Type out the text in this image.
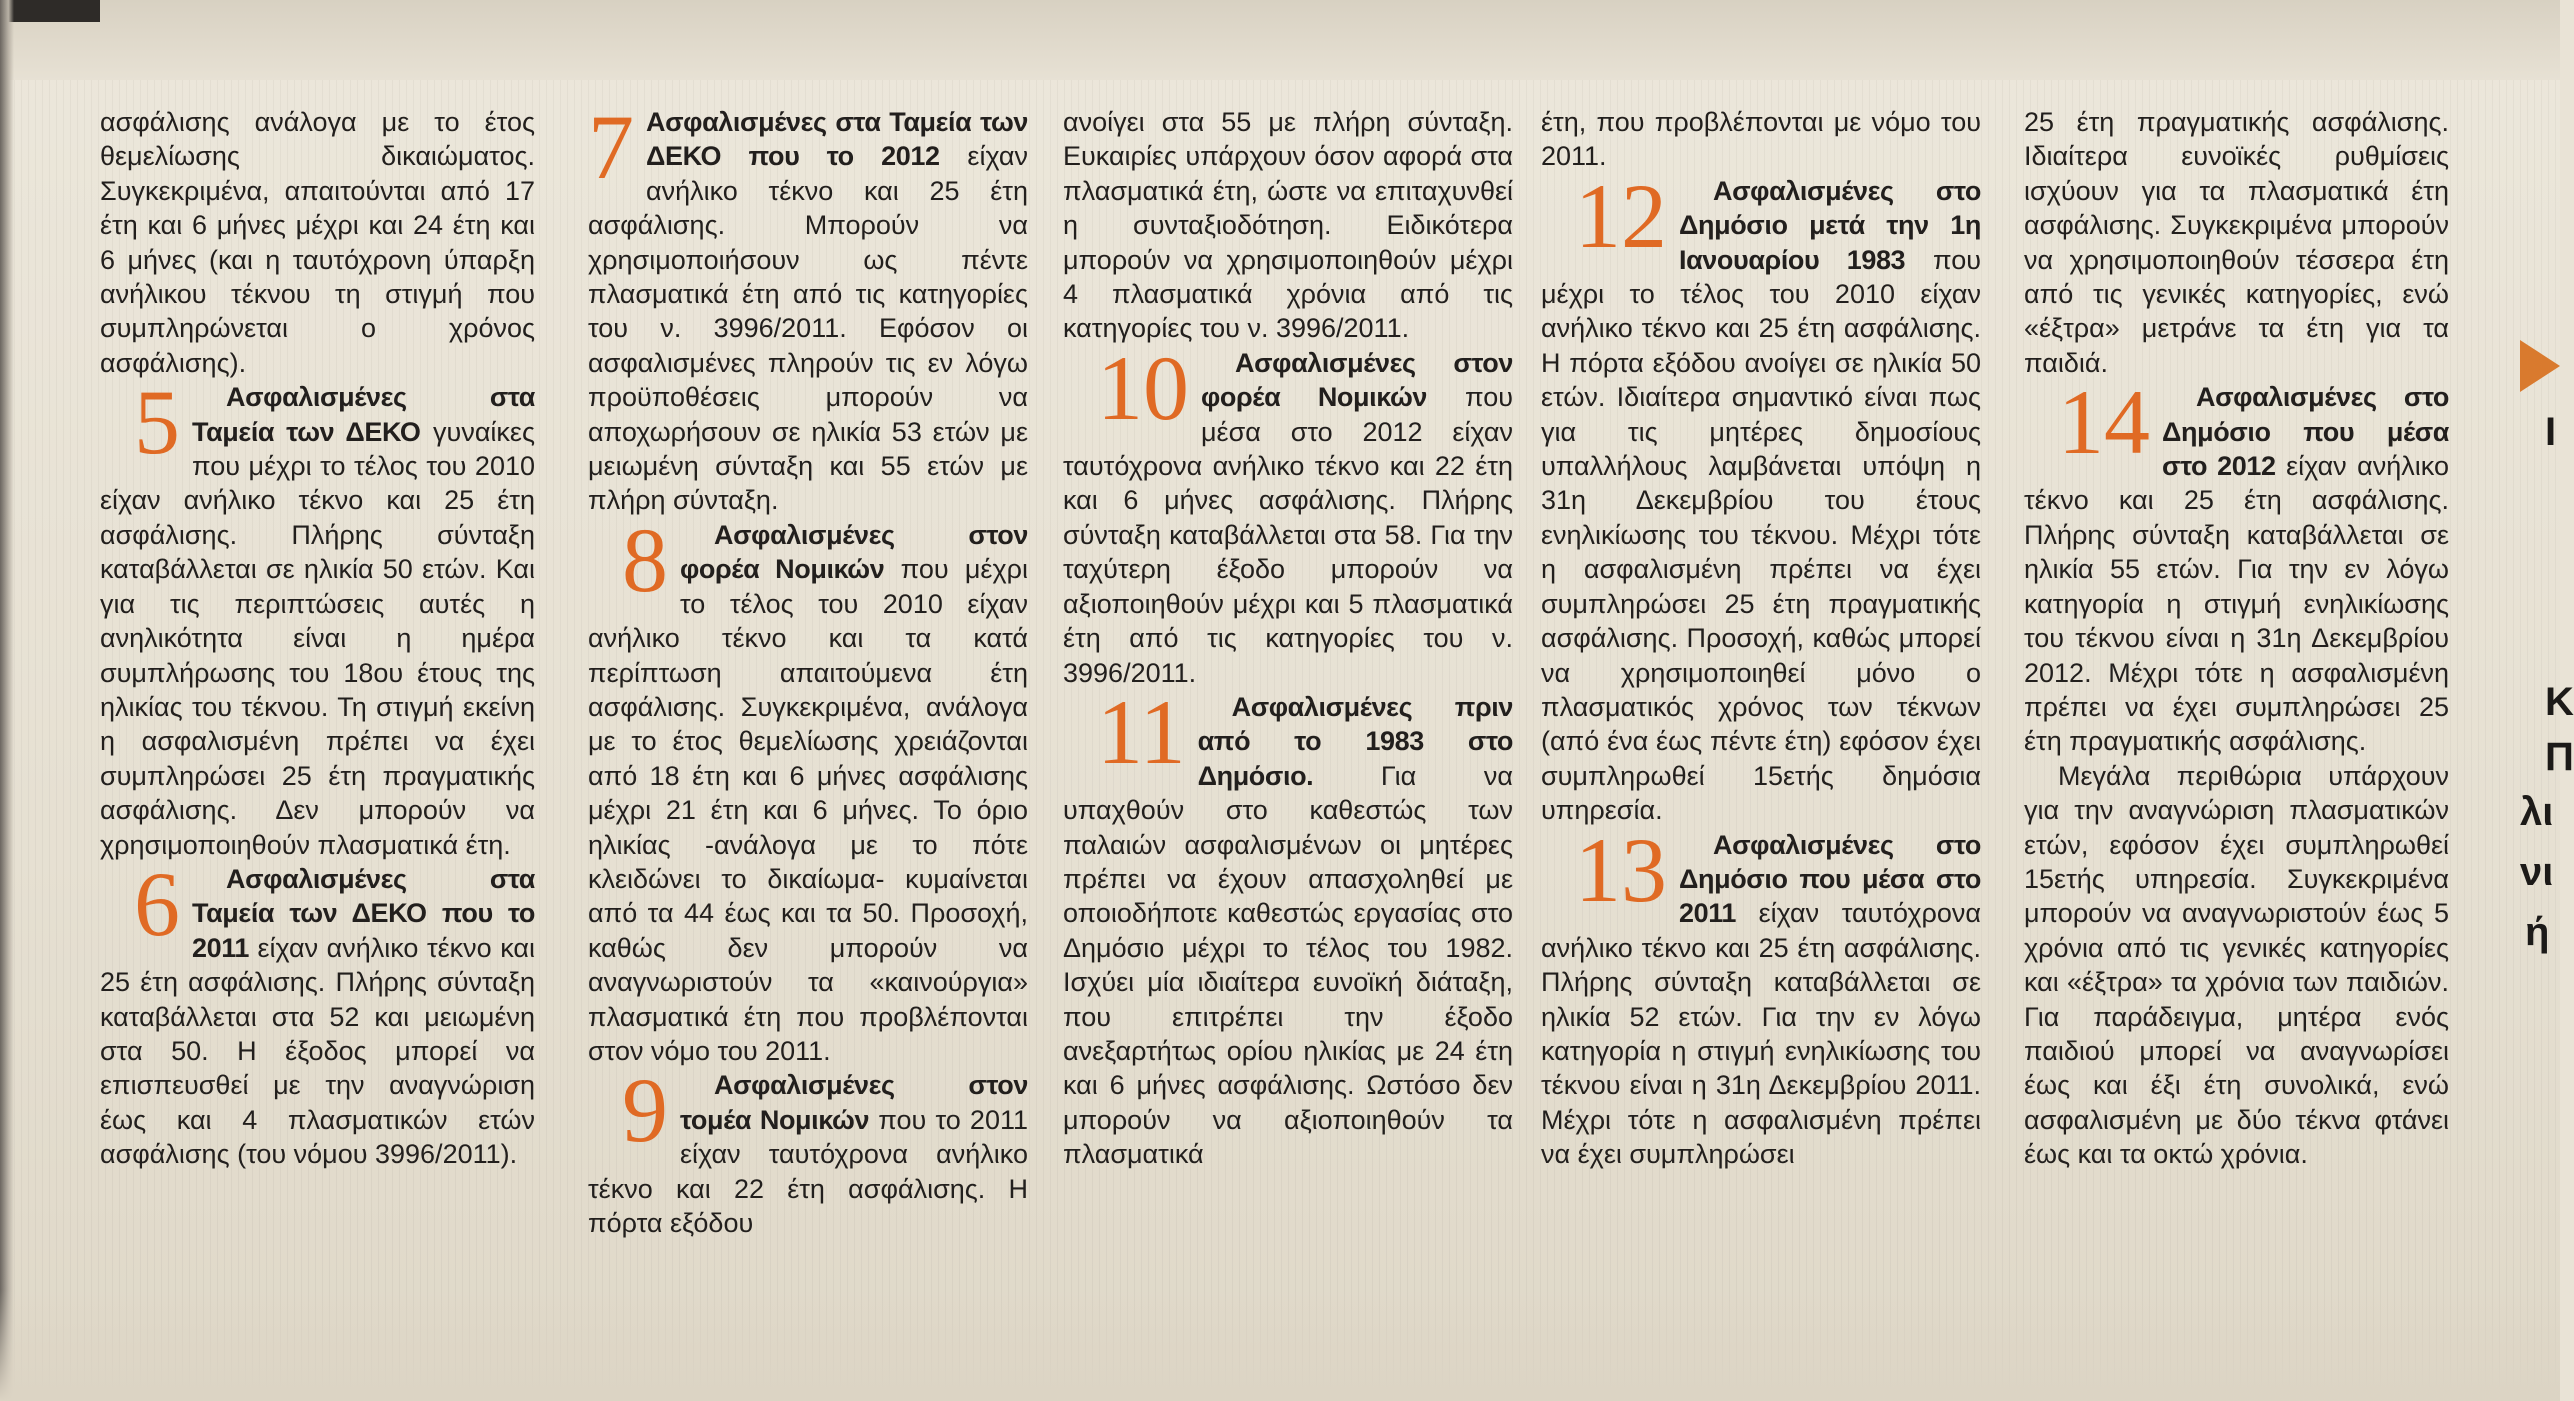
ασφάλισης ανάλογα με το έτος θεμελίωσης δικαιώματος. Συγκεκριμένα, απαιτούνται από 17 έτη και 6 μήνες μέχρι και 24 έτη και 6 μήνες (και η ταυτόχρονη ύπαρξη ανήλικου τέκνου τη στιγμή που συμπληρώνεται ο χρόνος ασφάλισης).

5 Ασφαλισμένες στα Ταμεία των ΔΕΚΟ γυναίκες που μέχρι το τέλος του 2010 είχαν ανήλικο τέκνο και 25 έτη ασφάλισης. Πλήρης σύνταξη καταβάλλεται σε ηλικία 50 ετών. Και για τις περιπτώσεις αυτές η ανηλικότητα είναι η ημέρα συμπλήρωσης του 18ου έτους της ηλικίας του τέκνου. Τη στιγμή εκείνη η ασφαλισμένη πρέπει να έχει συμπληρώσει 25 έτη πραγματικής ασφάλισης. Δεν μπορούν να χρησιμοποιηθούν πλασματικά έτη.

6 Ασφαλισμένες στα Ταμεία των ΔΕΚΟ που το 2011 είχαν ανήλικο τέκνο και 25 έτη ασφάλισης. Πλήρης σύνταξη καταβάλλεται στα 52 και μειωμένη στα 50. Η έξοδος μπορεί να επισπευσθεί με την αναγνώριση έως και 4 πλασματικών ετών ασφάλισης (του νόμου 3996/2011).

7 Ασφαλισμένες στα Ταμεία των ΔΕΚΟ που το 2012 είχαν ανήλικο τέκνο και 25 έτη ασφάλισης. Μπορούν να χρησιμοποιήσουν ως πέντε πλασματικά έτη από τις κατηγορίες του ν. 3996/2011. Εφόσον οι ασφαλισμένες πληρούν τις εν λόγω προϋποθέσεις μπορούν να αποχωρήσουν σε ηλικία 53 ετών με μειωμένη σύνταξη και 55 ετών με πλήρη σύνταξη.

8 Ασφαλισμένες στον φορέα Νομικών που μέχρι το τέλος του 2010 είχαν ανήλικο τέκνο και τα κατά περίπτωση απαιτούμενα έτη ασφάλισης. Συγκεκριμένα, ανάλογα με το έτος θεμελίωσης χρειάζονται από 18 έτη και 6 μήνες ασφάλισης μέχρι 21 έτη και 6 μήνες. Το όριο ηλικίας -ανάλογα με το πότε κλειδώνει το δικαίωμα- κυμαίνεται από τα 44 έως και τα 50. Προσοχή, καθώς δεν μπορούν να αναγνωριστούν τα «καινούργια» πλασματικά έτη που προβλέπονται στον νόμο του 2011.

9 Ασφαλισμένες στον τομέα Νομικών που το 2011 είχαν ταυτόχρονα ανήλικο τέκνο και 22 έτη ασφάλισης. Η πόρτα εξόδου

ανοίγει στα 55 με πλήρη σύνταξη. Ευκαιρίες υπάρχουν όσον αφορά στα πλασματικά έτη, ώστε να επιταχυνθεί η συνταξιοδότηση. Ειδικότερα μπορούν να χρησιμοποιηθούν μέχρι 4 πλασματικά χρόνια από τις κατηγορίες του ν. 3996/2011.

10 Ασφαλισμένες στον φορέα Νομικών που μέσα στο 2012 είχαν ταυτόχρονα ανήλικο τέκνο και 22 έτη και 6 μήνες ασφάλισης. Πλήρης σύνταξη καταβάλλεται στα 58. Για την ταχύτερη έξοδο μπορούν να αξιοποιηθούν μέχρι και 5 πλασματικά έτη από τις κατηγορίες του ν. 3996/2011.

11 Ασφαλισμένες πριν από το 1983 στο Δημόσιο.	Για να υπαχθούν στο καθεστώς των παλαιών ασφαλισμένων οι μητέρες πρέπει να έχουν απασχοληθεί με οποιοδήποτε καθεστώς εργασίας στο Δημόσιο μέχρι το τέλος του 1982. Ισχύει μία ιδιαίτερα ευνοϊκή διάταξη, που επιτρέπει την έξοδο ανεξαρτήτως ορίου ηλικίας με 24 έτη και 6 μήνες ασφάλισης. Ωστόσο δεν μπορούν να αξιοποιηθούν τα πλασματικά

έτη, που προβλέπονται με νόμο του 2011.

12 Ασφαλισμένες στο Δημόσιο μετά την 1η Ιανουαρίου 1983 που μέχρι το τέλος του 2010 είχαν ανήλικο τέκνο και 25 έτη ασφάλισης. Η πόρτα εξόδου ανοίγει σε ηλικία 50 ετών. Ιδιαίτερα σημαντικό είναι πως για τις μητέρες δημοσίους υπαλλήλους λαμβάνεται υπόψη η 31η Δεκεμβρίου του έτους ενηλικίωσης του τέκνου. Μέχρι τότε η ασφαλισμένη πρέπει να έχει συμπληρώσει 25 έτη πραγματικής ασφάλισης. Προσοχή, καθώς μπορεί να χρησιμοποιηθεί μόνο ο πλασματικός χρόνος των τέκνων (από ένα έως πέντε έτη) εφόσον έχει συμπληρωθεί 15ετής δημόσια υπηρεσία.

13 Ασφαλισμένες στο Δημόσιο που μέσα στο 2011 είχαν ταυτόχρονα ανήλικο τέκνο και 25 έτη ασφάλισης. Πλήρης σύνταξη καταβάλλεται σε ηλικία 52 ετών. Για την εν λόγω κατηγορία η στιγμή ενηλικίωσης του τέκνου είναι η 31η Δεκεμβρίου 2011. Μέχρι τότε η ασφαλισμένη πρέπει να έχει συμπληρώσει

25 έτη πραγματικής ασφάλισης. Ιδιαίτερα ευνοϊκές ρυθμίσεις ισχύουν για τα πλασματικά έτη ασφάλισης. Συγκεκριμένα μπορούν να χρησιμοποιηθούν τέσσερα έτη από τις γενικές κατηγορίες, ενώ «έξτρα» μετράνε τα έτη για τα παιδιά.

14 Ασφαλισμένες στο Δημόσιο που μέσα στο 2012 είχαν ανήλικο τέκνο και 25 έτη ασφάλισης. Πλήρης σύνταξη καταβάλλεται σε ηλικία 55 ετών. Για την εν λόγω κατηγορία η στιγμή ενηλικίωσης του τέκνου είναι η 31η Δεκεμβρίου 2012. Μέχρι τότε η ασφαλισμένη πρέπει να έχει συμπληρώσει 25 έτη πραγματικής ασφάλισης.

Μεγάλα περιθώρια υπάρχουν για την αναγνώριση πλασματικών ετών, εφόσον έχει συμπληρωθεί 15ετής υπηρεσία. Συγκεκριμένα μπορούν να αναγνωριστούν έως 5 χρόνια από τις γενικές κατηγορίες και «έξτρα» τα χρόνια των παιδιών. Για παράδειγμα, μητέρα ενός παιδιού μπορεί να αναγνωρίσει έως και έξι έτη συνολικά, ενώ ασφαλισμένη με δύο τέκνα φτάνει έως και τα οκτώ χρόνια.

Ι
Κ
Π
λι
νι
ή
